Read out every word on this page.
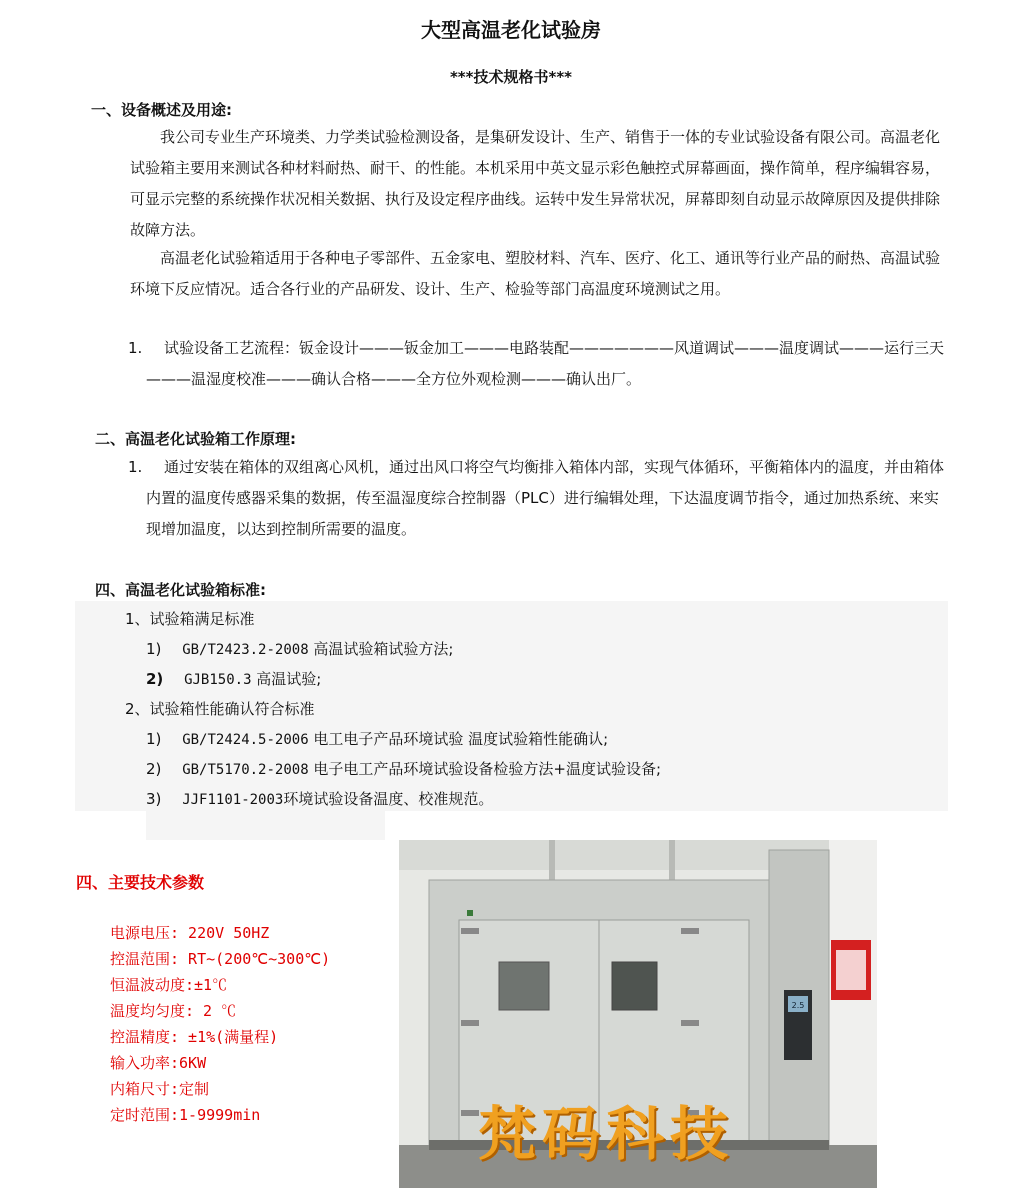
大型高温老化试验房
***技术规格书***
一、设备概述及用途:
我公司专业生产环境类、力学类试验检测设备，是集研发设计、生产、销售于一体的专业试验设备有限公司。高温老化试验箱主要用来测试各种材料耐热、耐干、的性能。本机采用中英文显示彩色触控式屏幕画面，操作简单，程序编辑容易，可显示完整的系统操作状况相关数据、执行及设定程序曲线。运转中发生异常状况，屏幕即刻自动显示故障原因及提供排除故障方法。
高温老化试验箱适用于各种电子零部件、五金家电、塑胶材料、汽车、医疗、化工、通讯等行业产品的耐热、高温试验环境下反应情况。适合各行业的产品研发、设计、生产、检验等部门高温度环境测试之用。
1.	试验设备工艺流程：钣金设计———钣金加工———电路装配———————风道调试———温度调试———运行三天———温湿度校准———确认合格———全方位外观检测———确认出厂。
二、高温老化试验箱工作原理:
1.	通过安装在箱体的双组离心风机，通过出风口将空气均衡排入箱体内部，实现气体循环，平衡箱体内的温度，并由箱体内置的温度传感器采集的数据，传至温湿度综合控制器（PLC）进行编辑处理，下达温度调节指令，通过加热系统、来实现增加温度，以达到控制所需要的温度。
四、高温老化试验箱标准:
1、试验箱满足标准
1) GB/T2423.2-2008 高温试验箱试验方法;
2) GJB150.3 高温试验;
2、试验箱性能确认符合标准
1) GB/T2424.5-2006 电工电子产品环境试验 温度试验箱性能确认;
2) GB/T5170.2-2008 电子电工产品环境试验设备检验方法+温度试验设备;
3) JJF1101-2003环境试验设备温度、校准规范。
四、主要技术参数
电源电压: 220V 50HZ
控温范围: RT~(200℃~300℃)
恒温波动度:±1℃
温度均匀度: 2 ℃
控温精度: ±1%(满量程)
输入功率:6KW
内箱尺寸:定制
定时范围:1-9999min
2.5
梵码科技
